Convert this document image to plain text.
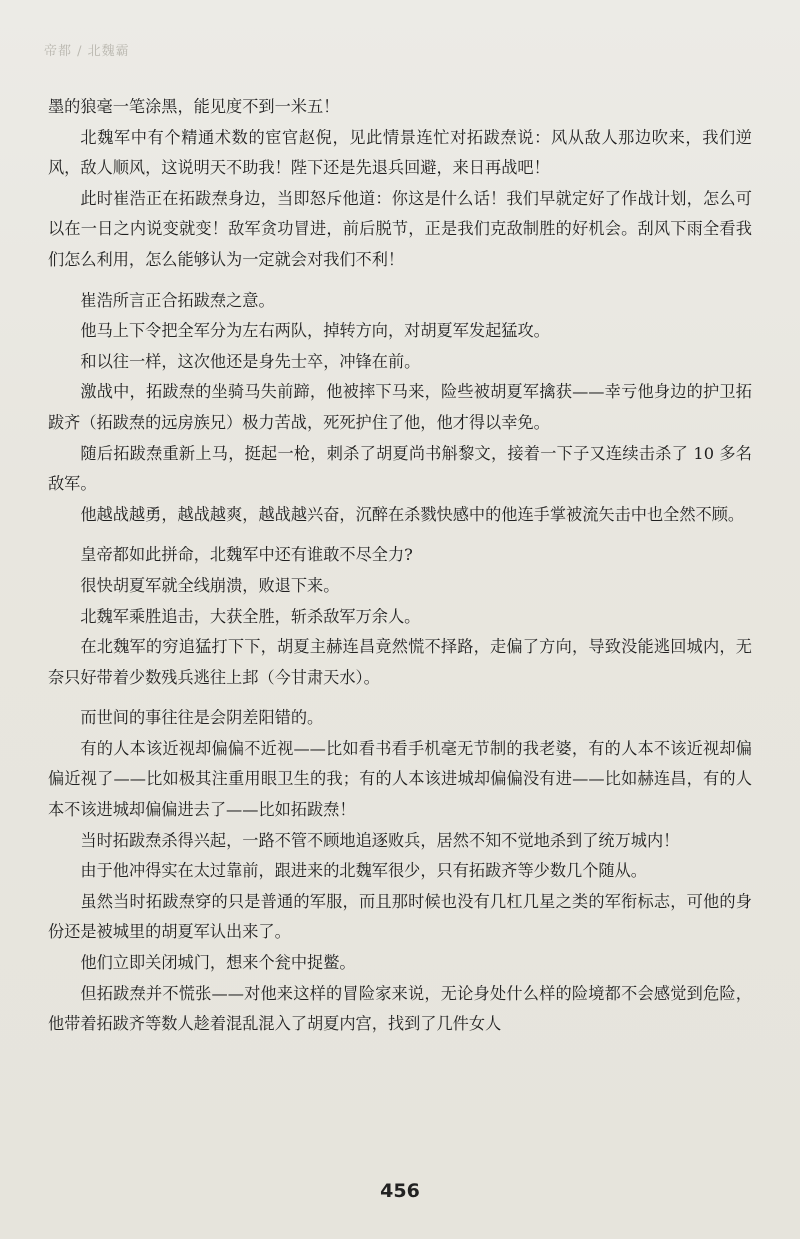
帝都 / 北魏霸

墨的狼毫一笔涂黑，能见度不到一米五！

北魏军中有个精通术数的宦官赵倪，见此情景连忙对拓跋焘说：风从敌人那边吹来，我们逆风，敌人顺风，这说明天不助我！陛下还是先退兵回避，来日再战吧！

此时崔浩正在拓跋焘身边，当即怒斥他道：你这是什么话！我们早就定好了作战计划，怎么可以在一日之内说变就变！敌军贪功冒进，前后脱节，正是我们克敌制胜的好机会。刮风下雨全看我们怎么利用，怎么能够认为一定就会对我们不利！

崔浩所言正合拓跋焘之意。

他马上下令把全军分为左右两队，掉转方向，对胡夏军发起猛攻。

和以往一样，这次他还是身先士卒，冲锋在前。

激战中，拓跋焘的坐骑马失前蹄，他被摔下马来，险些被胡夏军擒获——幸亏他身边的护卫拓跋齐（拓跋焘的远房族兄）极力苦战，死死护住了他，他才得以幸免。

随后拓跋焘重新上马，挺起一枪，刺杀了胡夏尚书斛黎文，接着一下子又连续击杀了 10 多名敌军。

他越战越勇，越战越爽，越战越兴奋，沉醉在杀戮快感中的他连手掌被流矢击中也全然不顾。

皇帝都如此拼命，北魏军中还有谁敢不尽全力?

很快胡夏军就全线崩溃，败退下来。

北魏军乘胜追击，大获全胜，斩杀敌军万余人。

在北魏军的穷追猛打下下，胡夏主赫连昌竟然慌不择路，走偏了方向，导致没能逃回城内，无奈只好带着少数残兵逃往上邽（今甘肃天水）。

而世间的事往往是会阴差阳错的。

有的人本该近视却偏偏不近视——比如看书看手机毫无节制的我老婆，有的人本不该近视却偏偏近视了——比如极其注重用眼卫生的我；有的人本该进城却偏偏没有进——比如赫连昌，有的人本不该进城却偏偏进去了——比如拓跋焘！

当时拓跋焘杀得兴起，一路不管不顾地追逐败兵，居然不知不觉地杀到了统万城内！

由于他冲得实在太过靠前，跟进来的北魏军很少，只有拓跋齐等少数几个随从。

虽然当时拓跋焘穿的只是普通的军服，而且那时候也没有几杠几星之类的军衔标志，可他的身份还是被城里的胡夏军认出来了。

他们立即关闭城门，想来个瓮中捉鳖。

但拓跋焘并不慌张——对他来这样的冒险家来说，无论身处什么样的险境都不会感觉到危险，他带着拓跋齐等数人趁着混乱混入了胡夏内宫，找到了几件女人

456
